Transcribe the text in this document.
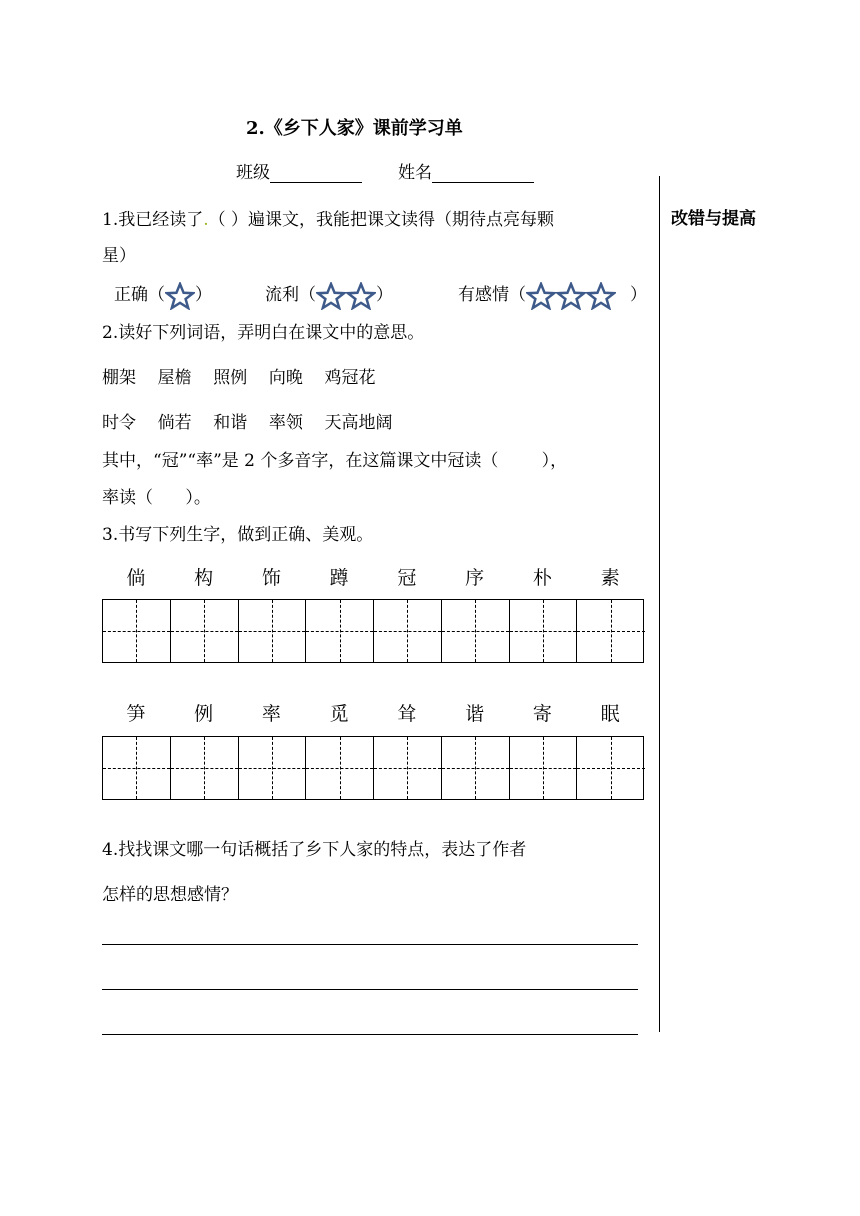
2.《乡下人家》课前学习单
班级	姓名
改错与提高
1.我已经读了.（ ）遍课文，我能把课文读得（期待点亮每颗
星）
正确（ ）	流利（	）	有感情（	）
2.读好下列词语，弄明白在课文中的意思。
棚架    屋檐    照例    向晚    鸡冠花
时令    倘若    和谐    率领    天高地阔
其中，“冠”“率”是 2 个多音字，在这篇课文中冠读（        ），
率读（      ）。
3.书写下列生字，做到正确、美观。
倘	构	饰	蹲	冠	序	朴	素
笋	例	率	觅	耸	谐	寄	眠
4.找找课文哪一句话概括了乡下人家的特点，表达了作者
怎样的思想感情？
